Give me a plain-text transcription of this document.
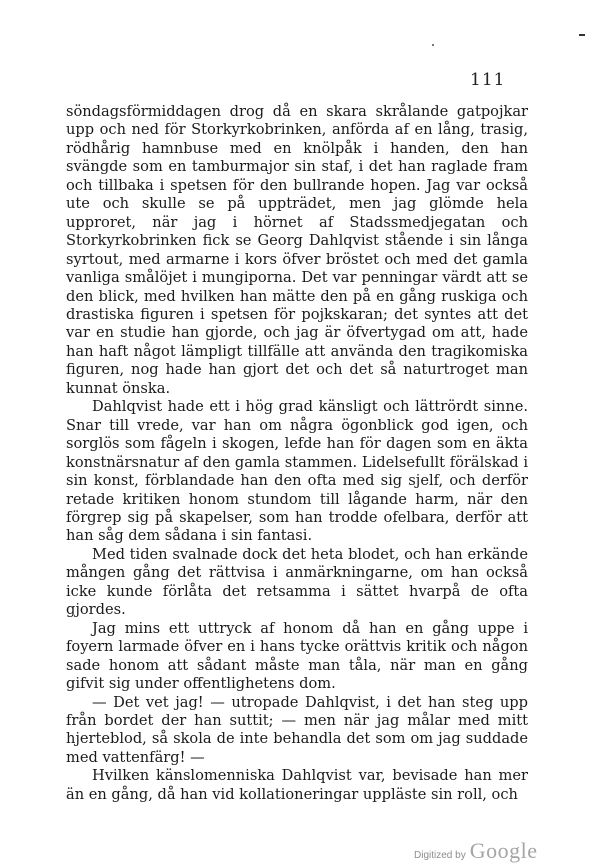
111

söndagsförmiddagen drog då en skara skrålande gatpojkar upp och ned för Storkyrkobrinken, anförda af en lång, trasig, rödhårig hamnbuse med en knölpåk i handen, den han svängde som en tamburmajor sin staf, i det han raglade fram och tillbaka i spetsen för den bullrande hopen. Jag var också ute och skulle se på uppträdet, men jag glömde hela upproret, när jag i hörnet af Stadssmedjegatan och Storkyrkobrinken fick se Georg Dahlqvist stående i sin långa syrtout, med armarne i kors öfver bröstet och med det gamla vanliga smålöjet i mungiporna. Det var penningar värdt att se den blick, med hvilken han mätte den på en gång ruskiga och drastiska figuren i spetsen för pojkskaran; det syntes att det var en studie han gjorde, och jag är öfvertygad om att, hade han haft något lämpligt tillfälle att använda den tragikomiska figuren, nog hade han gjort det och det så naturtroget man kunnat önska.

Dahlqvist hade ett i hög grad känsligt och lättrördt sinne. Snar till vrede, var han om några ögonblick god igen, och sorglös som fågeln i skogen, lefde han för dagen som en äkta konstnärsnatur af den gamla stammen. Lidelsefullt förälskad i sin konst, förblandade han den ofta med sig sjelf, och derför retade kritiken honom stundom till lågande harm, när den förgrep sig på skapelser, som han trodde ofelbara, derför att han såg dem sådana i sin fantasi.

Med tiden svalnade dock det heta blodet, och han erkände mången gång det rättvisa i anmärkningarne, om han också icke kunde förlåta det retsamma i sättet hvarpå de ofta gjordes.

Jag mins ett uttryck af honom då han en gång uppe i foyern larmade öfver en i hans tycke orättvis kritik och någon sade honom att sådant måste man tåla, när man en gång gifvit sig under offentlighetens dom.

— Det vet jag! — utropade Dahlqvist, i det han steg upp från bordet der han suttit; — men när jag målar med mitt hjerteblod, så skola de inte behandla det som om jag suddade med vattenfärg! —

Hvilken känslomenniska Dahlqvist var, bevisade han mer än en gång, då han vid kollationeringar uppläste sin roll, och

Digitized by Google
